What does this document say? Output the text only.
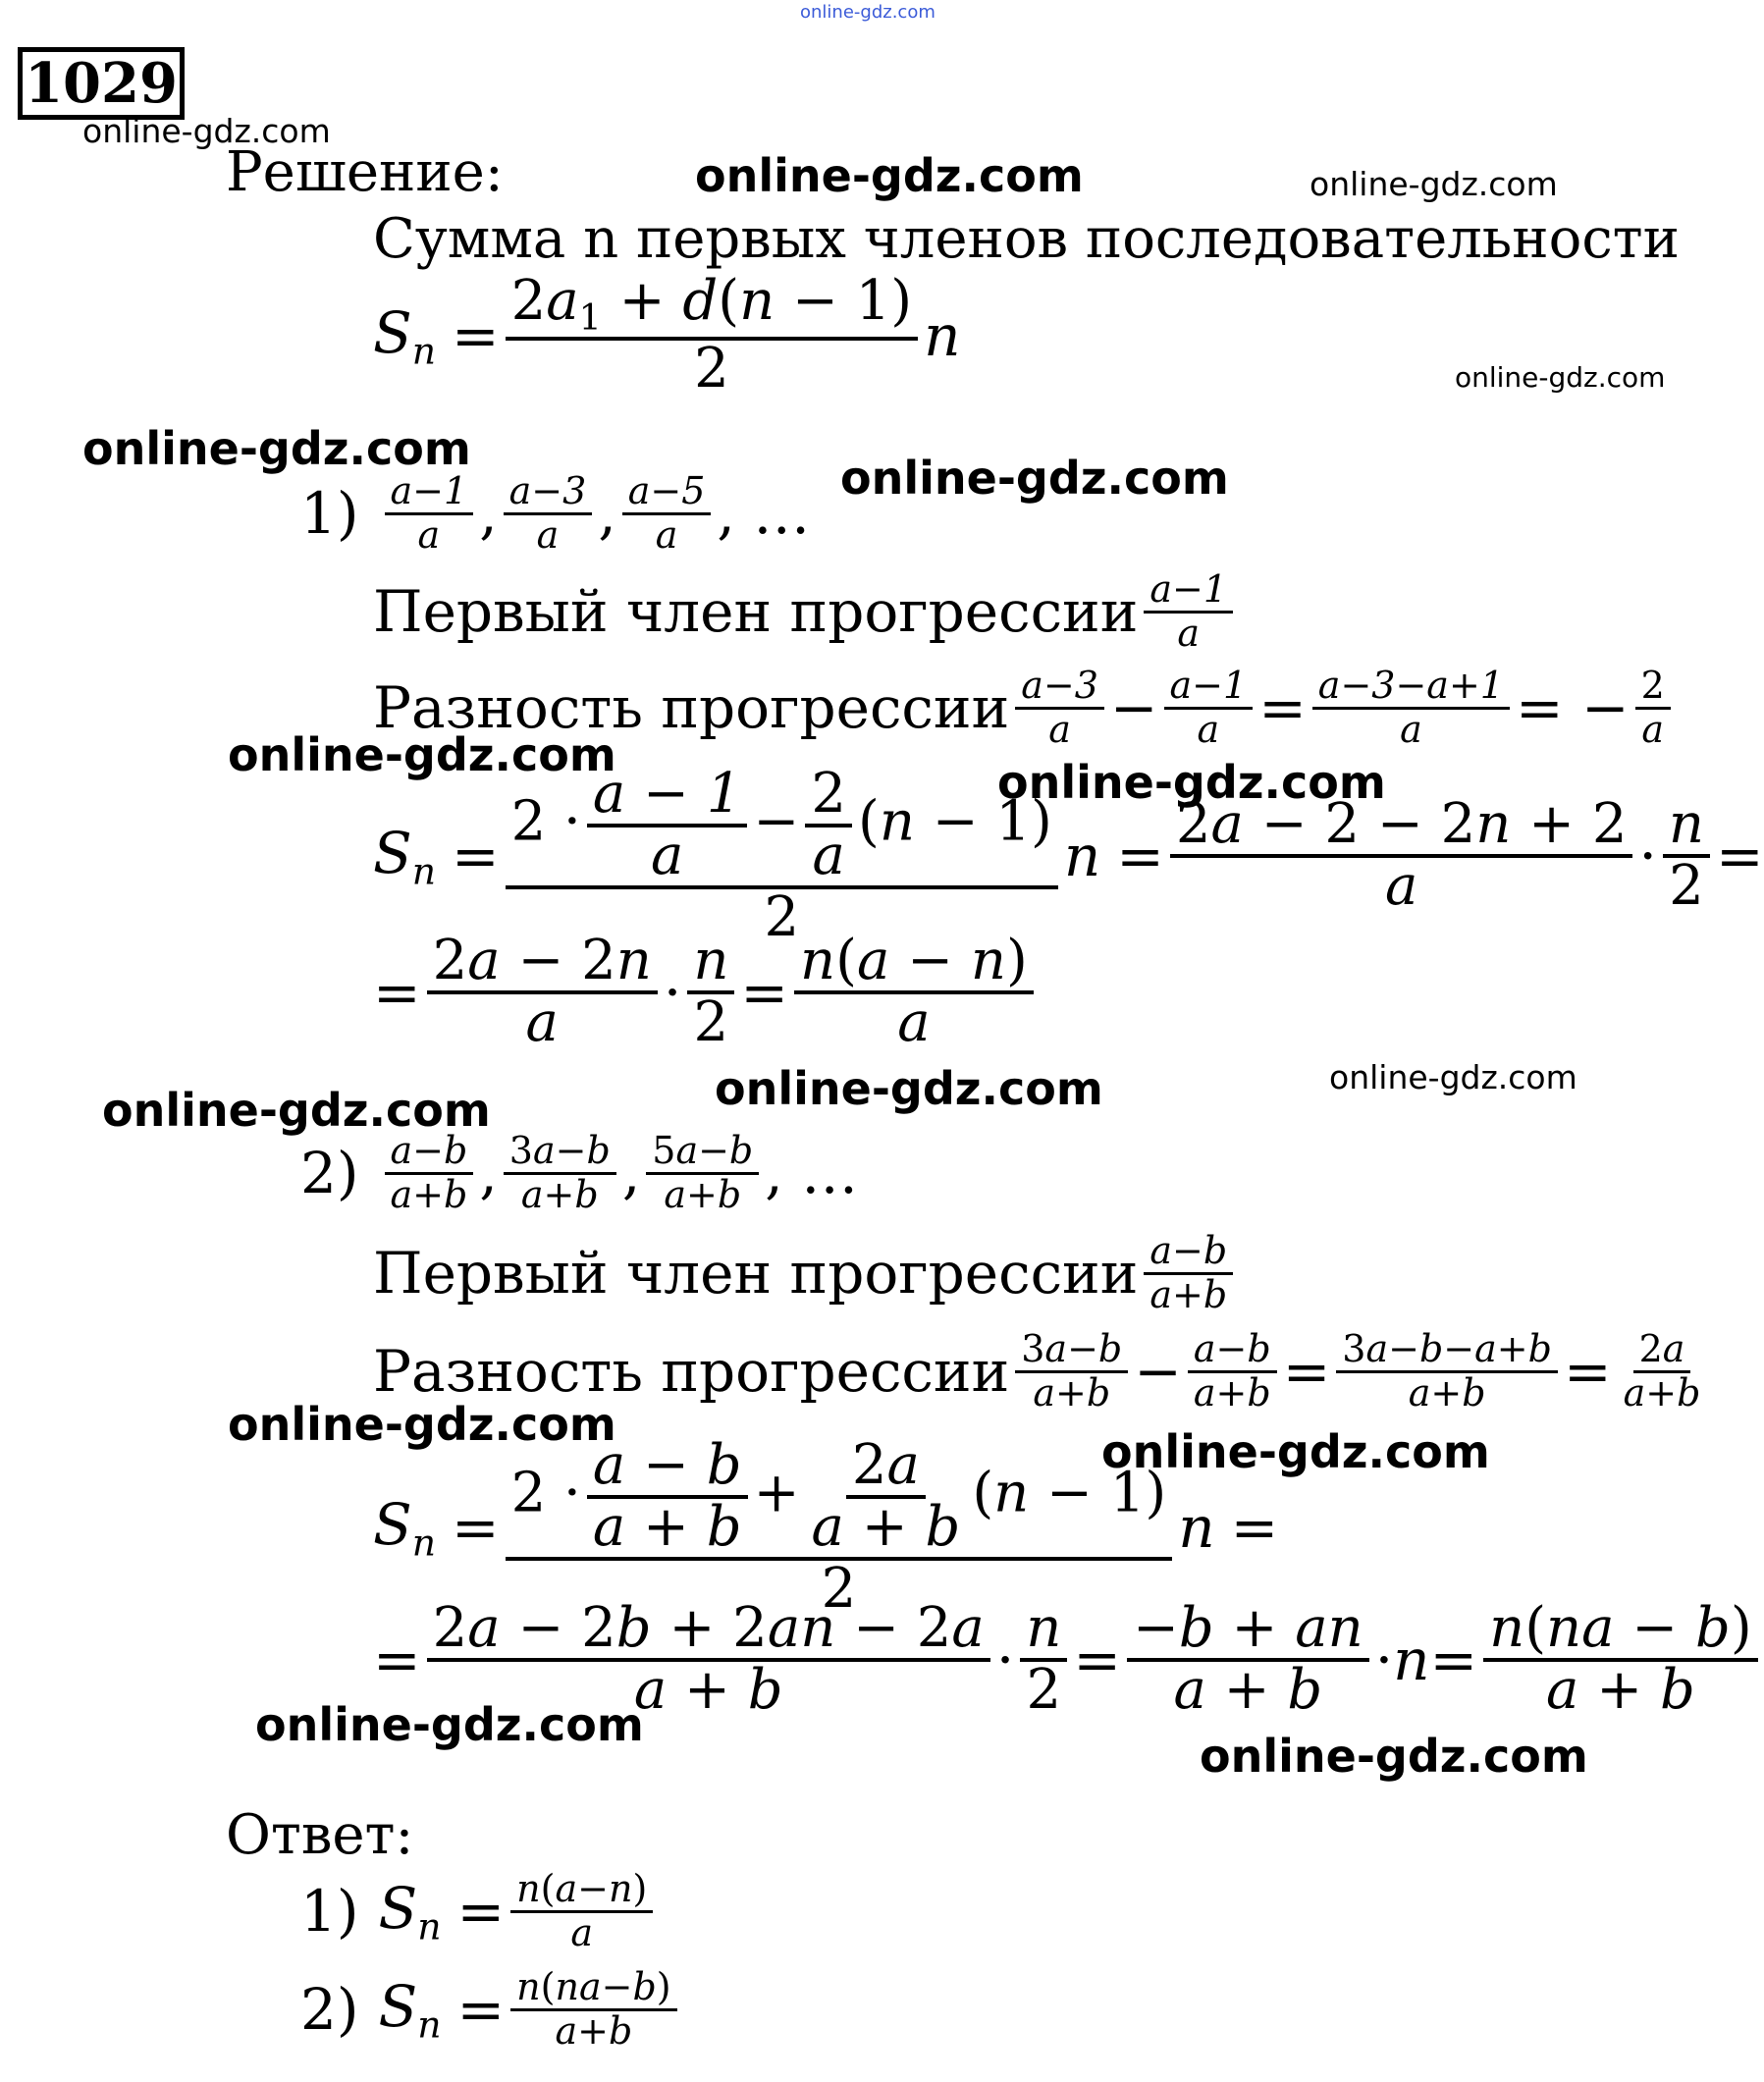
online-gdz.com
1029
online-gdz.com
online-gdz.com	online-gdz.com
online-gdz.com
online-gdz.com
online-gdz.com
online-gdz.com
online-gdz.com
online-gdz.com
online-gdz.com
online-gdz.com
online-gdz.com
online-gdz.com
online-gdz.com
online-gdz.com
Решение:
Сумма n первых членов последовательности
$S_n = \frac{2a_1 + d(n - 1)}{2}$ n
$1) \frac{a-1}{a}$ , $\frac{a-3}{a}$ , $\frac{a-5}{a}$ , …
Первый член прогрессии $\frac{a-1}{a}$
Разность прогрессии $\frac{a-3}{a} - \frac{a-1}{a} = \frac{a-3-a+1}{a}$ = − $\frac{2}{a}$
$S_n = \frac{2 \cdot \frac{a - 1}{a} - \frac{2}{a} (n - 1)}{2}$ $n = \frac{2a - 2 - 2n + 2}{a} \cdot \frac{n}{2}$ =
= $\frac{2a - 2n}{a} \cdot \frac{n}{2} = \frac{n(a - n)}{a}$
$2) \frac{a-b}{a+b}$ , $\frac{3a-b}{a+b}$ , $\frac{5a-b}{a+b}$ , …
Первый член прогрессии $\frac{a-b}{a+b}$
Разность прогрессии $\frac{3a-b}{a+b} - \frac{a-b}{a+b} = \frac{3a-b-a+b}{a+b} = \frac{2a}{a+b}$
$S_n = \frac{2 \cdot \frac{a - b}{a + b} + \frac{2a}{a + b} (n - 1)}{2}$ n =
= $\frac{2a - 2b + 2an - 2a}{a + b} \cdot \frac{n}{2} = \frac{-b + an}{a + b} \cdot n = \frac{n(na - b)}{a + b}$
Ответ:
1) $S_n = \frac{n(a-n)}{a}$
2) $S_n = \frac{n(na-b)}{a+b}$
